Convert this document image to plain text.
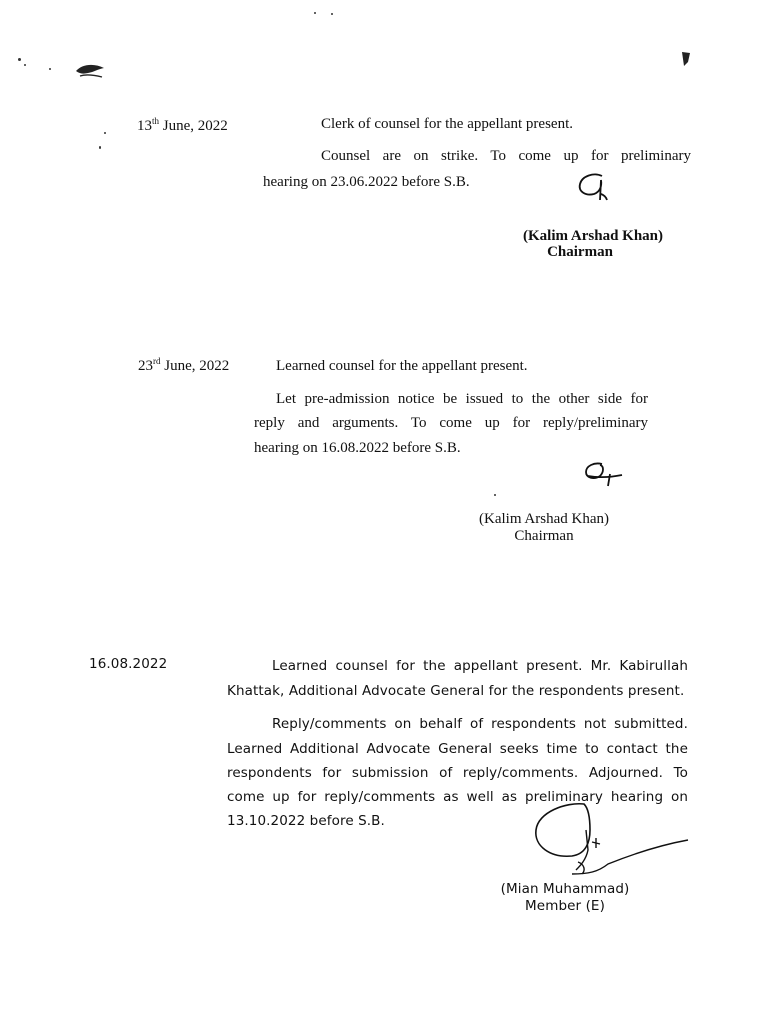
13th June, 2022	Clerk of counsel for the appellant present.

Counsel are on strike. To come up for preliminary

hearing on 23.06.2022 before S.B.

(Kalim Arshad Khan)

Chairman

23rd June, 2022	Learned counsel for the appellant present.

Let pre-admission notice be issued to the other side for

reply and arguments. To come up for reply/preliminary

hearing on 16.08.2022 before S.B.

(Kalim Arshad Khan)

Chairman

16.08.2022	Learned counsel for the appellant present. Mr. Kabirullah

Khattak, Additional Advocate General for the respondents present.

Reply/comments on behalf of respondents not submitted.

Learned Additional Advocate General seeks time to contact the

respondents for submission of reply/comments. Adjourned. To

come up for reply/comments as well as preliminary hearing on

13.10.2022 before S.B.

(Mian Muhammad)

Member (E)
